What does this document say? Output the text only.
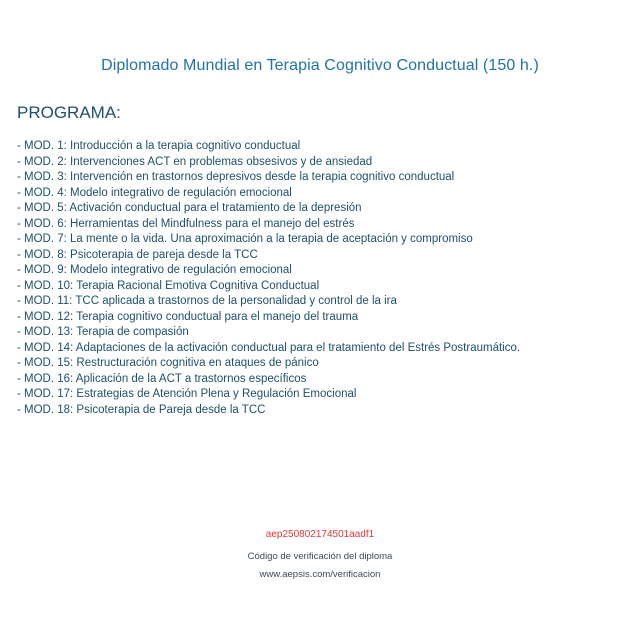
Diplomado Mundial en Terapia Cognitivo Conductual (150 h.)
PROGRAMA:
- MOD. 1: Introducción a la terapia cognitivo conductual
- MOD. 2: Intervenciones ACT en problemas obsesivos y de ansiedad
- MOD. 3: Intervención en trastornos depresivos desde la terapia cognitivo conductual
- MOD. 4: Modelo integrativo de regulación emocional
- MOD. 5: Activación conductual para el tratamiento de la depresión
- MOD. 6: Herramientas del Mindfulness para el manejo del estrés
- MOD. 7: La mente o la vida. Una aproximación a la terapia de aceptación y compromiso
- MOD. 8: Psicoterapia de pareja desde la TCC
- MOD. 9: Modelo integrativo de regulación emocional
- MOD. 10: Terapia Racional Emotiva Cognitiva Conductual
- MOD. 11: TCC aplicada a trastornos de la personalidad y control de la ira
- MOD. 12: Terapia cognitivo conductual para el manejo del trauma
- MOD. 13: Terapia de compasión
- MOD. 14: Adaptaciones de la activación conductual para el tratamiento del Estrés Postraumático.
- MOD. 15: Restructuración cognitiva en ataques de pánico
- MOD. 16: Aplicación de la ACT a trastornos específicos
- MOD. 17: Estrategias de Atención Plena y Regulación Emocional
- MOD. 18: Psicoterapia de Pareja desde la TCC
aep250802174501aadf1
Código de verificación del diploma
www.aepsis.com/verificacion
